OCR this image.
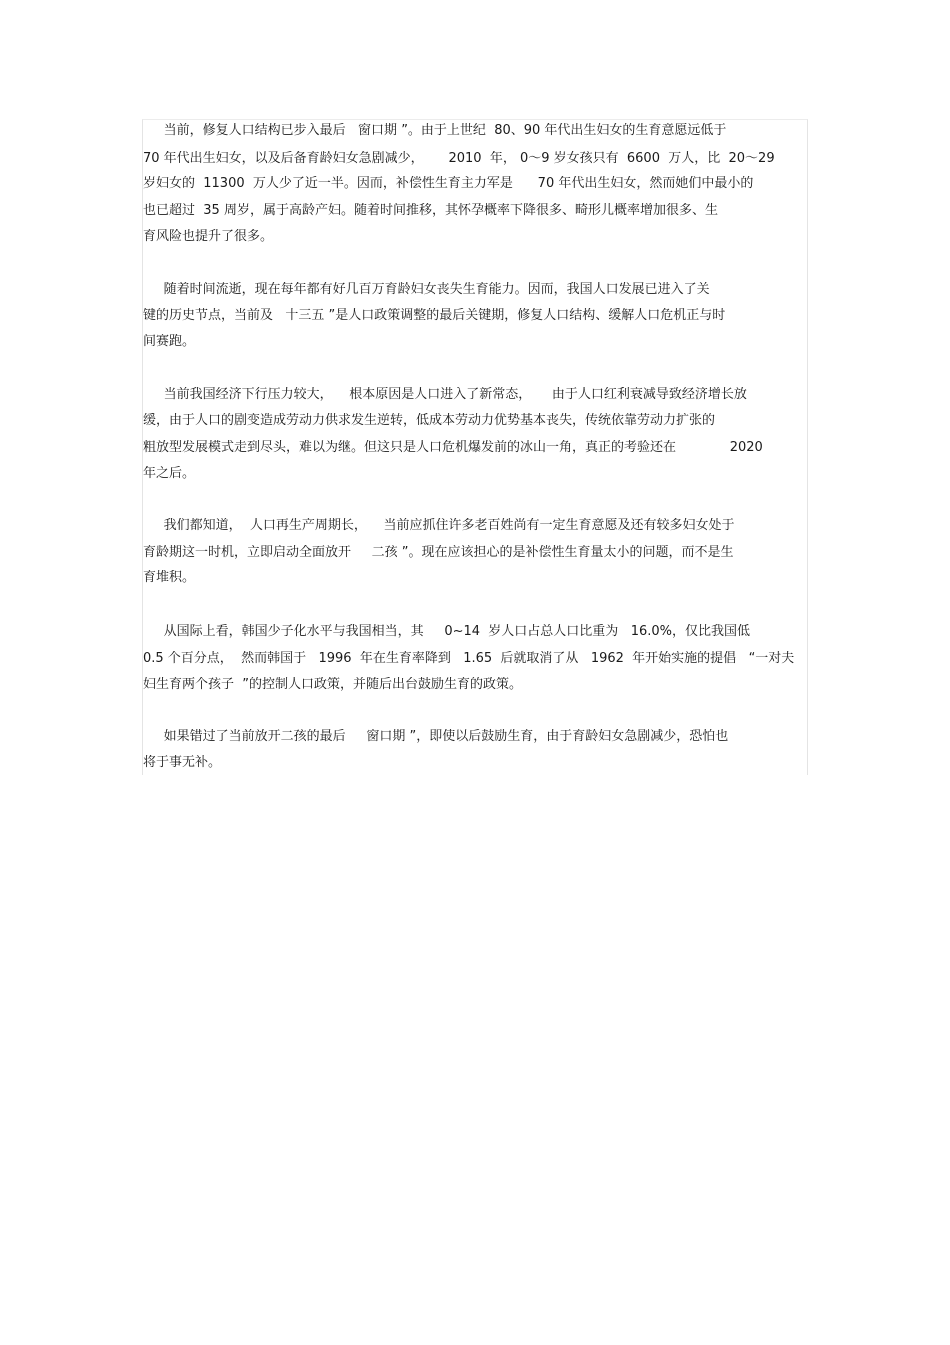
当前，修复人口结构已步入最后   窗口期 ”。由于上世纪  80、90 年代出生妇女的生育意愿远低于
70 年代出生妇女，以及后备育龄妇女急剧减少，      2010  年， 0～9 岁女孩只有  6600  万人，比  20～29
岁妇女的  11300  万人少了近一半。因而，补偿性生育主力军是      70 年代出生妇女，然而她们中最小的
也已超过  35 周岁，属于高龄产妇。随着时间推移，其怀孕概率下降很多、畸形儿概率增加很多、生
育风险也提升了很多。
随着时间流逝，现在每年都有好几百万育龄妇女丧失生育能力。因而，我国人口发展已进入了关
键的历史节点，当前及   十三五 ”是人口政策调整的最后关键期，修复人口结构、缓解人口危机正与时
间赛跑。
当前我国经济下行压力较大，    根本原因是人口进入了新常态，     由于人口红利衰减导致经济增长放
缓，由于人口的剧变造成劳动力供求发生逆转，低成本劳动力优势基本丧失，传统依靠劳动力扩张的
粗放型发展模式走到尽头，难以为继。但这只是人口危机爆发前的冰山一角，真正的考验还在             2020
年之后。
我们都知道，  人口再生产周期长，    当前应抓住许多老百姓尚有一定生育意愿及还有较多妇女处于
育龄期这一时机，立即启动全面放开     二孩 ”。现在应该担心的是补偿性生育量太小的问题，而不是生
育堆积。
从国际上看，韩国少子化水平与我国相当，其     0~14  岁人口占总人口比重为   16.0%，仅比我国低
0.5 个百分点，  然而韩国于   1996  年在生育率降到   1.65  后就取消了从   1962  年开始实施的提倡   “一对夫
妇生育两个孩子  ”的控制人口政策，并随后出台鼓励生育的政策。
如果错过了当前放开二孩的最后     窗口期 ”，即使以后鼓励生育，由于育龄妇女急剧减少，恐怕也
将于事无补。
